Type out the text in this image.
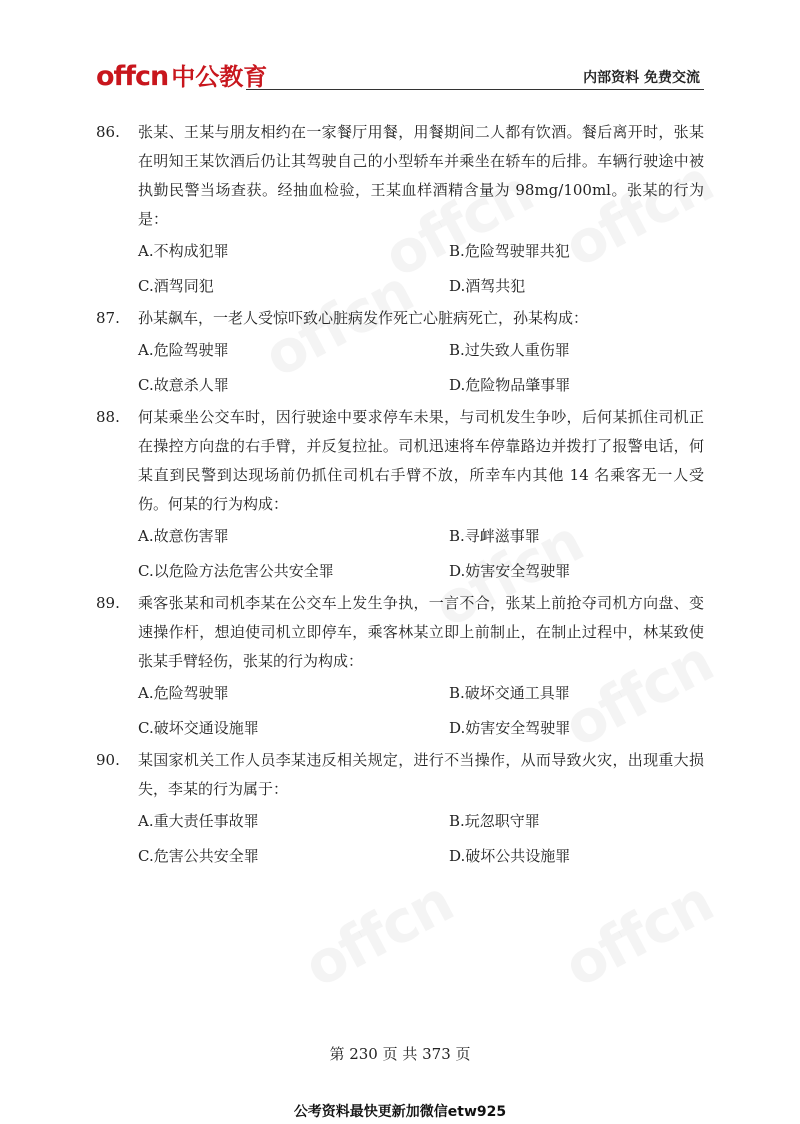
offcn 中公教育	内部资料 免费交流
86.	张某、王某与朋友相约在一家餐厅用餐，用餐期间二人都有饮酒。餐后离开时，张某在明知王某饮酒后仍让其驾驶自己的小型轿车并乘坐在轿车的后排。车辆行驶途中被执勤民警当场查获。经抽血检验，王某血样酒精含量为 98mg/100ml。张某的行为是：
A.不构成犯罪	B.危险驾驶罪共犯
C.酒驾同犯	D.酒驾共犯
87.	孙某飙车，一老人受惊吓致心脏病发作死亡心脏病死亡，孙某构成：
A.危险驾驶罪	B.过失致人重伤罪
C.故意杀人罪	D.危险物品肇事罪
88.	何某乘坐公交车时，因行驶途中要求停车未果，与司机发生争吵，后何某抓住司机正在操控方向盘的右手臂，并反复拉扯。司机迅速将车停靠路边并拨打了报警电话，何某直到民警到达现场前仍抓住司机右手臂不放，所幸车内其他 14 名乘客无一人受伤。何某的行为构成：
A.故意伤害罪	B.寻衅滋事罪
C.以危险方法危害公共安全罪	D.妨害安全驾驶罪
89.	乘客张某和司机李某在公交车上发生争执，一言不合，张某上前抢夺司机方向盘、变速操作杆，想迫使司机立即停车，乘客林某立即上前制止，在制止过程中，林某致使张某手臂轻伤，张某的行为构成：
A.危险驾驶罪	B.破坏交通工具罪
C.破坏交通设施罪	D.妨害安全驾驶罪
90.	某国家机关工作人员李某违反相关规定，进行不当操作，从而导致火灾，出现重大损失，李某的行为属于：
A.重大责任事故罪	B.玩忽职守罪
C.危害公共安全罪	D.破坏公共设施罪
第 230 页 共 373 页
公考资料最快更新加微信etw925
